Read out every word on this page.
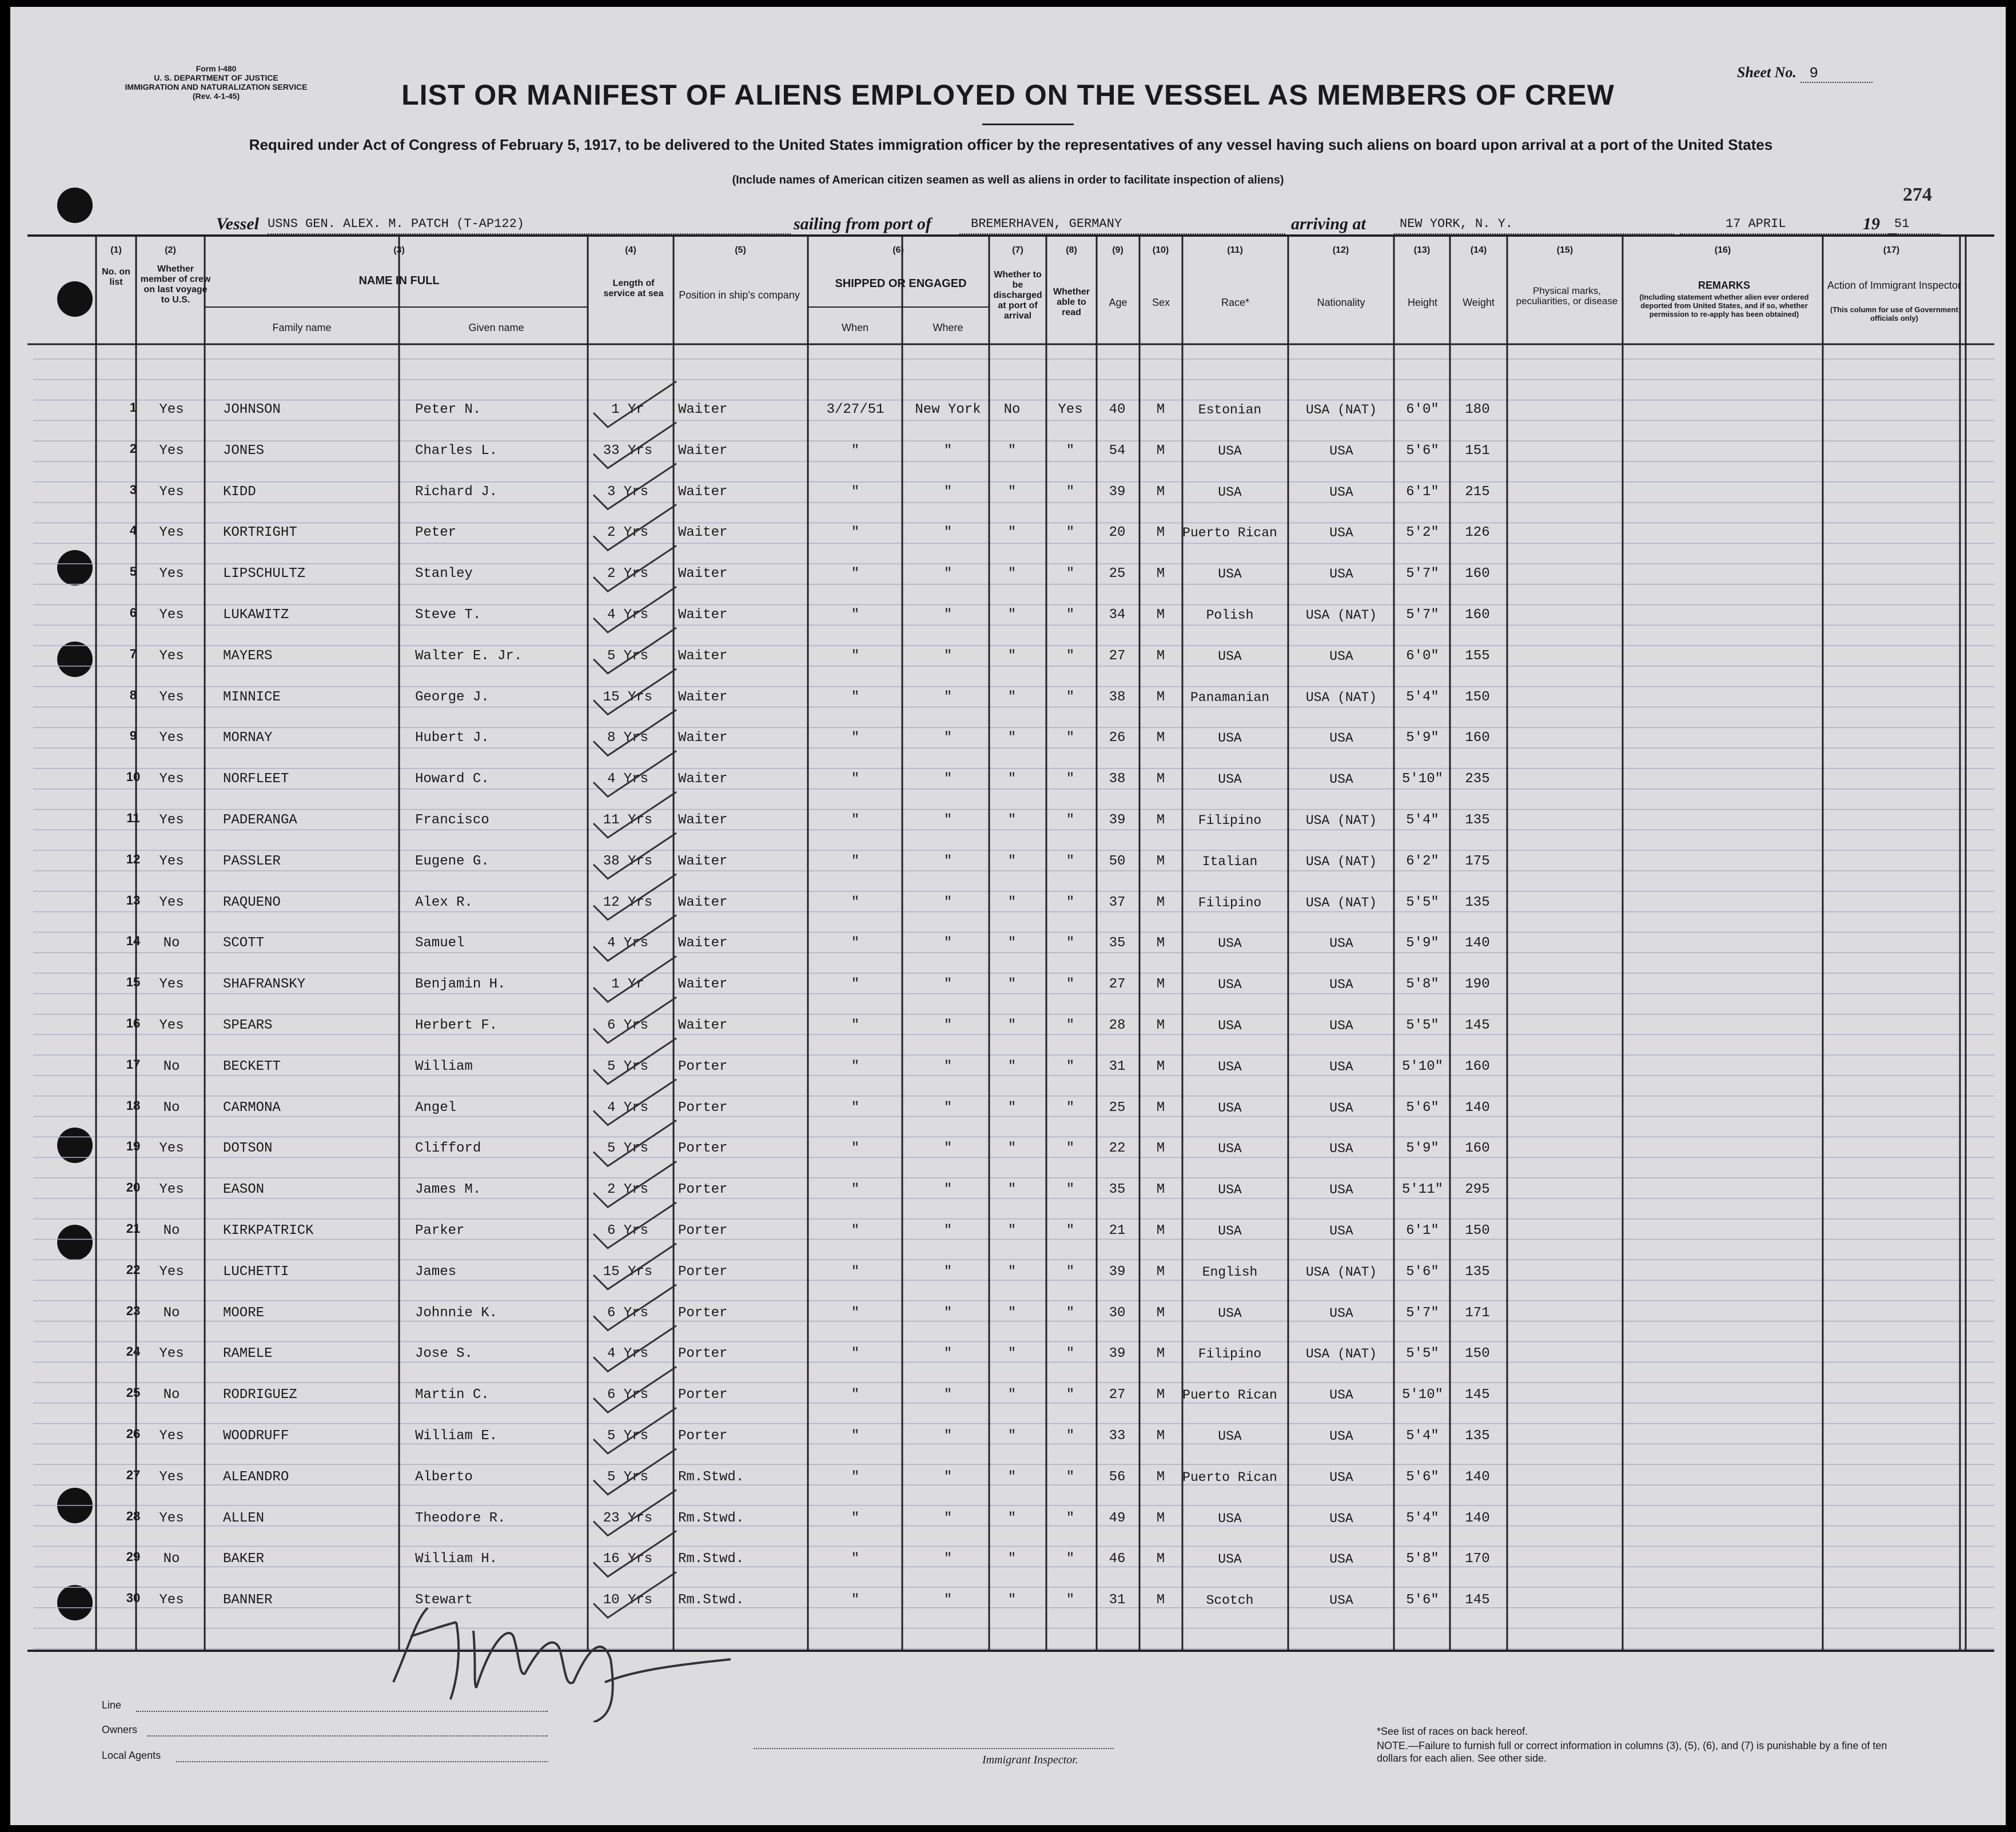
Form I-480
U. S. DEPARTMENT OF JUSTICE
IMMIGRATION AND NATURALIZATION SERVICE
(Rev. 4-1-45)
Sheet No. 9
LIST OR MANIFEST OF ALIENS EMPLOYED ON THE VESSEL AS MEMBERS OF CREW
Required under Act of Congress of February 5, 1917, to be delivered to the United States immigration officer by the representatives of any vessel having such aliens on board upon arrival at a port of the United States
(Include names of American citizen seamen as well as aliens in order to facilitate inspection of aliens)
274
Vessel USNS GEN. ALEX. M. PATCH (T-AP122)	sailing from port of	BREMERHAVEN, GERMANY	arriving at	NEW YORK, N. Y.	17 APRIL	19	51
No. on list
Whether member of crew on last voyage to U.S.
NAME IN FULL
Family name	Given name
Length of service at sea	Position in ship's company
SHIPPED OR ENGAGED
When	Where
Whether to be discharged at port of arrival
Whether able to read
Age	Sex	Race*	Nationality	Height	Weight
Physical marks, peculiarities, or disease
REMARKS
(Including statement whether alien ever ordered deported from United States, and if so, whether permission to re-apply has been obtained)
Action of Immigrant Inspector
(This column for use of Government officials only)
(1)	(2)	(3)	(4)	(5)	(6)	(7)	(8)	(9)	(10)	(11)	(12)	(13)	(14)	(15)	(16)	(17)
1	Yes	JOHNSON	Peter N.	1 Yr	Waiter	3/27/51	New York	No	Yes	40	M	Estonian	USA (NAT)	6'0"	180
2	Yes	JONES	Charles L.	33 Yrs	Waiter	"	"	"	"	54	M	USA	USA	5'6"	151
3	Yes	KIDD	Richard J.	3 Yrs	Waiter	"	"	"	"	39	M	USA	USA	6'1"	215
4	Yes	KORTRIGHT	Peter	2 Yrs	Waiter	"	"	"	"	20	M	Puerto Rican	USA	5'2"	126
5	Yes	LIPSCHULTZ	Stanley	2 Yrs	Waiter	"	"	"	"	25	M	USA	USA	5'7"	160
6	Yes	LUKAWITZ	Steve T.	4 Yrs	Waiter	"	"	"	"	34	M	Polish	USA (NAT)	5'7"	160
7	Yes	MAYERS	Walter E. Jr.	5 Yrs	Waiter	"	"	"	"	27	M	USA	USA	6'0"	155
8	Yes	MINNICE	George J.	15 Yrs	Waiter	"	"	"	"	38	M	Panamanian	USA (NAT)	5'4"	150
9	Yes	MORNAY	Hubert J.	8 Yrs	Waiter	"	"	"	"	26	M	USA	USA	5'9"	160
10	Yes	NORFLEET	Howard C.	4 Yrs	Waiter	"	"	"	"	38	M	USA	USA	5'10"	235
11	Yes	PADERANGA	Francisco	11 Yrs	Waiter	"	"	"	"	39	M	Filipino	USA (NAT)	5'4"	135
12	Yes	PASSLER	Eugene G.	38 Yrs	Waiter	"	"	"	"	50	M	Italian	USA (NAT)	6'2"	175
13	Yes	RAQUENO	Alex R.	12 Yrs	Waiter	"	"	"	"	37	M	Filipino	USA (NAT)	5'5"	135
14	No	SCOTT	Samuel	4 Yrs	Waiter	"	"	"	"	35	M	USA	USA	5'9"	140
15	Yes	SHAFRANSKY	Benjamin H.	1 Yr	Waiter	"	"	"	"	27	M	USA	USA	5'8"	190
16	Yes	SPEARS	Herbert F.	6 Yrs	Waiter	"	"	"	"	28	M	USA	USA	5'5"	145
17	No	BECKETT	William	5 Yrs	Porter	"	"	"	"	31	M	USA	USA	5'10"	160
18	No	CARMONA	Angel	4 Yrs	Porter	"	"	"	"	25	M	USA	USA	5'6"	140
19	Yes	DOTSON	Clifford	5 Yrs	Porter	"	"	"	"	22	M	USA	USA	5'9"	160
20	Yes	EASON	James M.	2 Yrs	Porter	"	"	"	"	35	M	USA	USA	5'11"	295
21	No	KIRKPATRICK	Parker	6 Yrs	Porter	"	"	"	"	21	M	USA	USA	6'1"	150
22	Yes	LUCHETTI	James	15 Yrs	Porter	"	"	"	"	39	M	English	USA (NAT)	5'6"	135
23	No	MOORE	Johnnie K.	6 Yrs	Porter	"	"	"	"	30	M	USA	USA	5'7"	171
24	Yes	RAMELE	Jose S.	4 Yrs	Porter	"	"	"	"	39	M	Filipino	USA (NAT)	5'5"	150
25	No	RODRIGUEZ	Martin C.	6 Yrs	Porter	"	"	"	"	27	M	Puerto Rican	USA	5'10"	145
26	Yes	WOODRUFF	William E.	5 Yrs	Porter	"	"	"	"	33	M	USA	USA	5'4"	135
27	Yes	ALEANDRO	Alberto	5 Yrs	Rm.Stwd.	"	"	"	"	56	M	Puerto Rican	USA	5'6"	140
28	Yes	ALLEN	Theodore R.	23 Yrs	Rm.Stwd.	"	"	"	"	49	M	USA	USA	5'4"	140
29	No	BAKER	William H.	16 Yrs	Rm.Stwd.	"	"	"	"	46	M	USA	USA	5'8"	170
30	Yes	BANNER	Stewart	10 Yrs	Rm.Stwd.	"	"	"	"	31	M	Scotch	USA	5'6"	145
Line
Owners
Local Agents	Immigrant Inspector.
*See list of races on back hereof.
NOTE.—Failure to furnish full or correct information in columns (3), (5), (6), and (7) is punishable by a fine of ten dollars for each alien. See other side.
